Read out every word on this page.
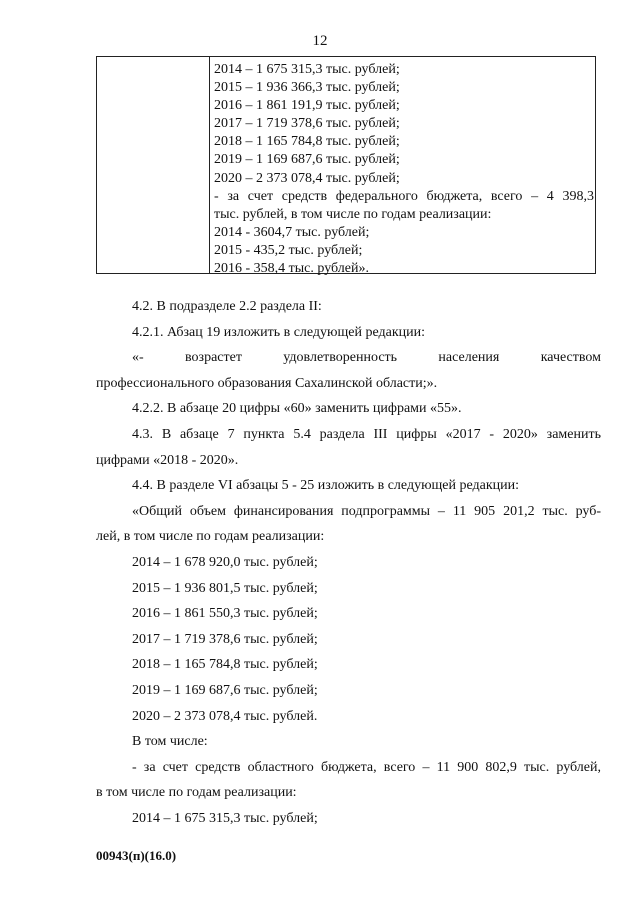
12
2014 – 1 675 315,3 тыс. рублей;
2015 – 1 936 366,3 тыс. рублей;
2016 – 1 861 191,9 тыс. рублей;
2017 – 1 719 378,6 тыс. рублей;
2018 – 1 165 784,8 тыс. рублей;
2019 – 1 169 687,6 тыс. рублей;
2020 – 2 373 078,4 тыс. рублей;
- за счет средств федерального бюджета, всего – 4 398,3
тыс. рублей, в том числе по годам реализации:
2014 - 3604,7 тыс. рублей;
2015 - 435,2 тыс. рублей;
2016 - 358,4 тыс. рублей».

4.2. В подразделе 2.2 раздела II:

4.2.1. Абзац 19 изложить в следующей редакции:

«- возрастет удовлетворенность населения качеством

профессионального образования Сахалинской области;».

4.2.2. В абзаце 20 цифры «60» заменить цифрами «55».

4.3. В абзаце 7 пункта 5.4 раздела III цифры «2017 - 2020» заменить

цифрами «2018 - 2020».

4.4. В разделе VI абзацы 5 - 25 изложить в следующей редакции:

«Общий объем финансирования подпрограммы – 11 905 201,2 тыс. руб-

лей, в том числе по годам реализации:

2014 – 1 678 920,0 тыс. рублей;

2015 – 1 936 801,5 тыс. рублей;

2016 – 1 861 550,3 тыс. рублей;

2017 – 1 719 378,6 тыс. рублей;

2018 – 1 165 784,8 тыс. рублей;

2019 – 1 169 687,6 тыс. рублей;

2020 – 2 373 078,4 тыс. рублей.

В том числе:

- за счет средств областного бюджета, всего – 11 900 802,9 тыс. рублей,

в том числе по годам реализации:

2014 – 1 675 315,3 тыс. рублей;

00943(п)(16.0)
